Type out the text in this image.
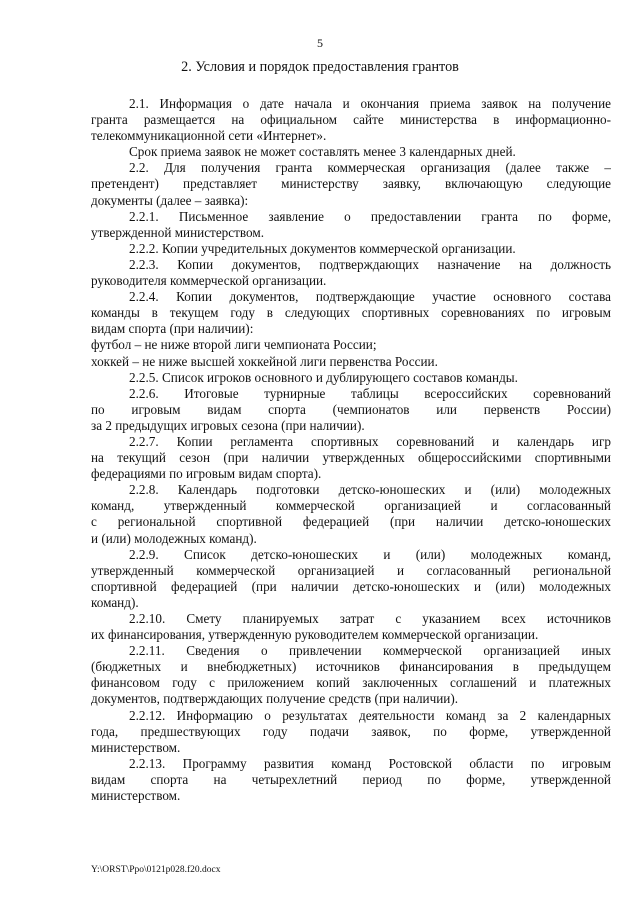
5
2. Условия и порядок предоставления грантов
2.1. Информация о дате начала и окончания приема заявок на получение
гранта размещается на официальном сайте министерства в информационно-
телекоммуникационной сети «Интернет».
Срок приема заявок не может составлять менее 3 календарных дней.
2.2. Для получения гранта коммерческая организация (далее также –
претендент) представляет министерству заявку, включающую следующие
документы (далее – заявка):
2.2.1. Письменное заявление о предоставлении гранта по форме,
утвержденной министерством.
2.2.2. Копии учредительных документов коммерческой организации.
2.2.3. Копии документов, подтверждающих назначение на должность
руководителя коммерческой организации.
2.2.4. Копии документов, подтверждающие участие основного состава
команды в текущем году в следующих спортивных соревнованиях по игровым
видам спорта (при наличии):
футбол – не ниже второй лиги чемпионата России;
хоккей – не ниже высшей хоккейной лиги первенства России.
2.2.5. Список игроков основного и дублирующего составов команды.
2.2.6. Итоговые турнирные таблицы всероссийских соревнований
по игровым видам спорта (чемпионатов или первенств России)
за 2 предыдущих игровых сезона (при наличии).
2.2.7. Копии регламента спортивных соревнований и календарь игр
на текущий сезон (при наличии утвержденных общероссийскими спортивными
федерациями по игровым видам спорта).
2.2.8. Календарь подготовки детско-юношеских и (или) молодежных
команд, утвержденный коммерческой организацией и согласованный
с региональной спортивной федерацией (при наличии детско-юношеских
и (или) молодежных команд).
2.2.9. Список детско-юношеских и (или) молодежных команд,
утвержденный коммерческой организацией и согласованный региональной
спортивной федерацией (при наличии детско-юношеских и (или) молодежных
команд).
2.2.10. Смету планируемых затрат с указанием всех источников
их финансирования, утвержденную руководителем коммерческой организации.
2.2.11. Сведения о привлечении коммерческой организацией иных
(бюджетных и внебюджетных) источников финансирования в предыдущем
финансовом году с приложением копий заключенных соглашений и платежных
документов, подтверждающих получение средств (при наличии).
2.2.12. Информацию о результатах деятельности команд за 2 календарных
года, предшествующих году подачи заявок, по форме, утвержденной
министерством.
2.2.13. Программу развития команд Ростовской области по игровым
видам спорта на четырехлетний период по форме, утвержденной
министерством.
Y:\ORST\Ppo\0121p028.f20.docx
